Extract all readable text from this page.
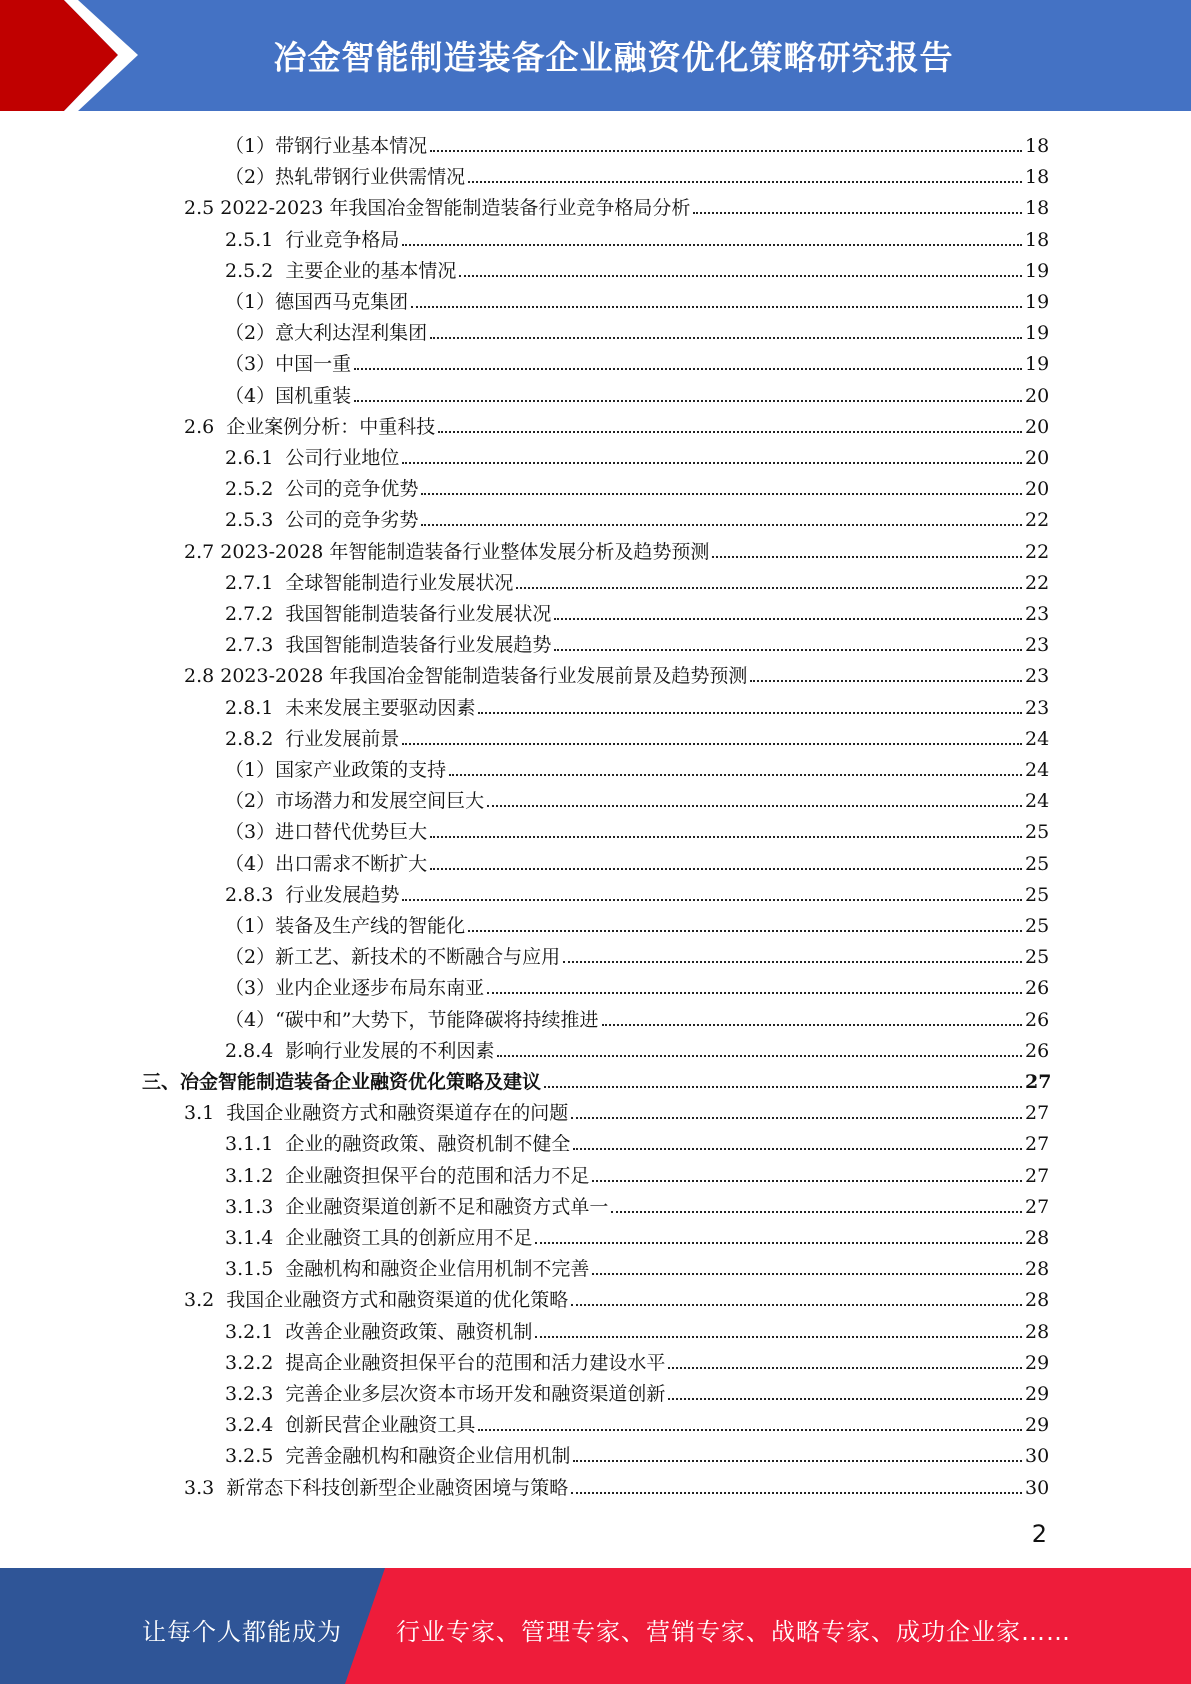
冶金智能制造装备企业融资优化策略研究报告
（1）带钢行业基本情况	18
（2）热轧带钢行业供需情况	18
2.5 2022-2023 年我国冶金智能制造装备行业竞争格局分析	18
2.5.1  行业竞争格局	18
2.5.2  主要企业的基本情况	19
（1）德国西马克集团	19
（2）意大利达涅利集团	19
（3）中国一重	19
（4）国机重装	20
2.6  企业案例分析：中重科技	20
2.6.1  公司行业地位	20
2.5.2  公司的竞争优势	20
2.5.3  公司的竞争劣势	22
2.7 2023-2028 年智能制造装备行业整体发展分析及趋势预测	22
2.7.1  全球智能制造行业发展状况	22
2.7.2  我国智能制造装备行业发展状况	23
2.7.3  我国智能制造装备行业发展趋势	23
2.8 2023-2028 年我国冶金智能制造装备行业发展前景及趋势预测	23
2.8.1  未来发展主要驱动因素	23
2.8.2  行业发展前景	24
（1）国家产业政策的支持	24
（2）市场潜力和发展空间巨大	24
（3）进口替代优势巨大	25
（4）出口需求不断扩大	25
2.8.3  行业发展趋势	25
（1）装备及生产线的智能化	25
（2）新工艺、新技术的不断融合与应用	25
（3）业内企业逐步布局东南亚	26
（4）“碳中和”大势下，节能降碳将持续推进	26
2.8.4  影响行业发展的不利因素	26
三、冶金智能制造装备企业融资优化策略及建议	27
3.1  我国企业融资方式和融资渠道存在的问题	27
3.1.1  企业的融资政策、融资机制不健全	27
3.1.2  企业融资担保平台的范围和活力不足	27
3.1.3  企业融资渠道创新不足和融资方式单一	27
3.1.4  企业融资工具的创新应用不足	28
3.1.5  金融机构和融资企业信用机制不完善	28
3.2  我国企业融资方式和融资渠道的优化策略	28
3.2.1  改善企业融资政策、融资机制	28
3.2.2  提高企业融资担保平台的范围和活力建设水平	29
3.2.3  完善企业多层次资本市场开发和融资渠道创新	29
3.2.4  创新民营企业融资工具	29
3.2.5  完善金融机构和融资企业信用机制	30
3.3  新常态下科技创新型企业融资困境与策略	30
2
让每个人都能成为 行业专家、管理专家、营销专家、战略专家、成功企业家……
